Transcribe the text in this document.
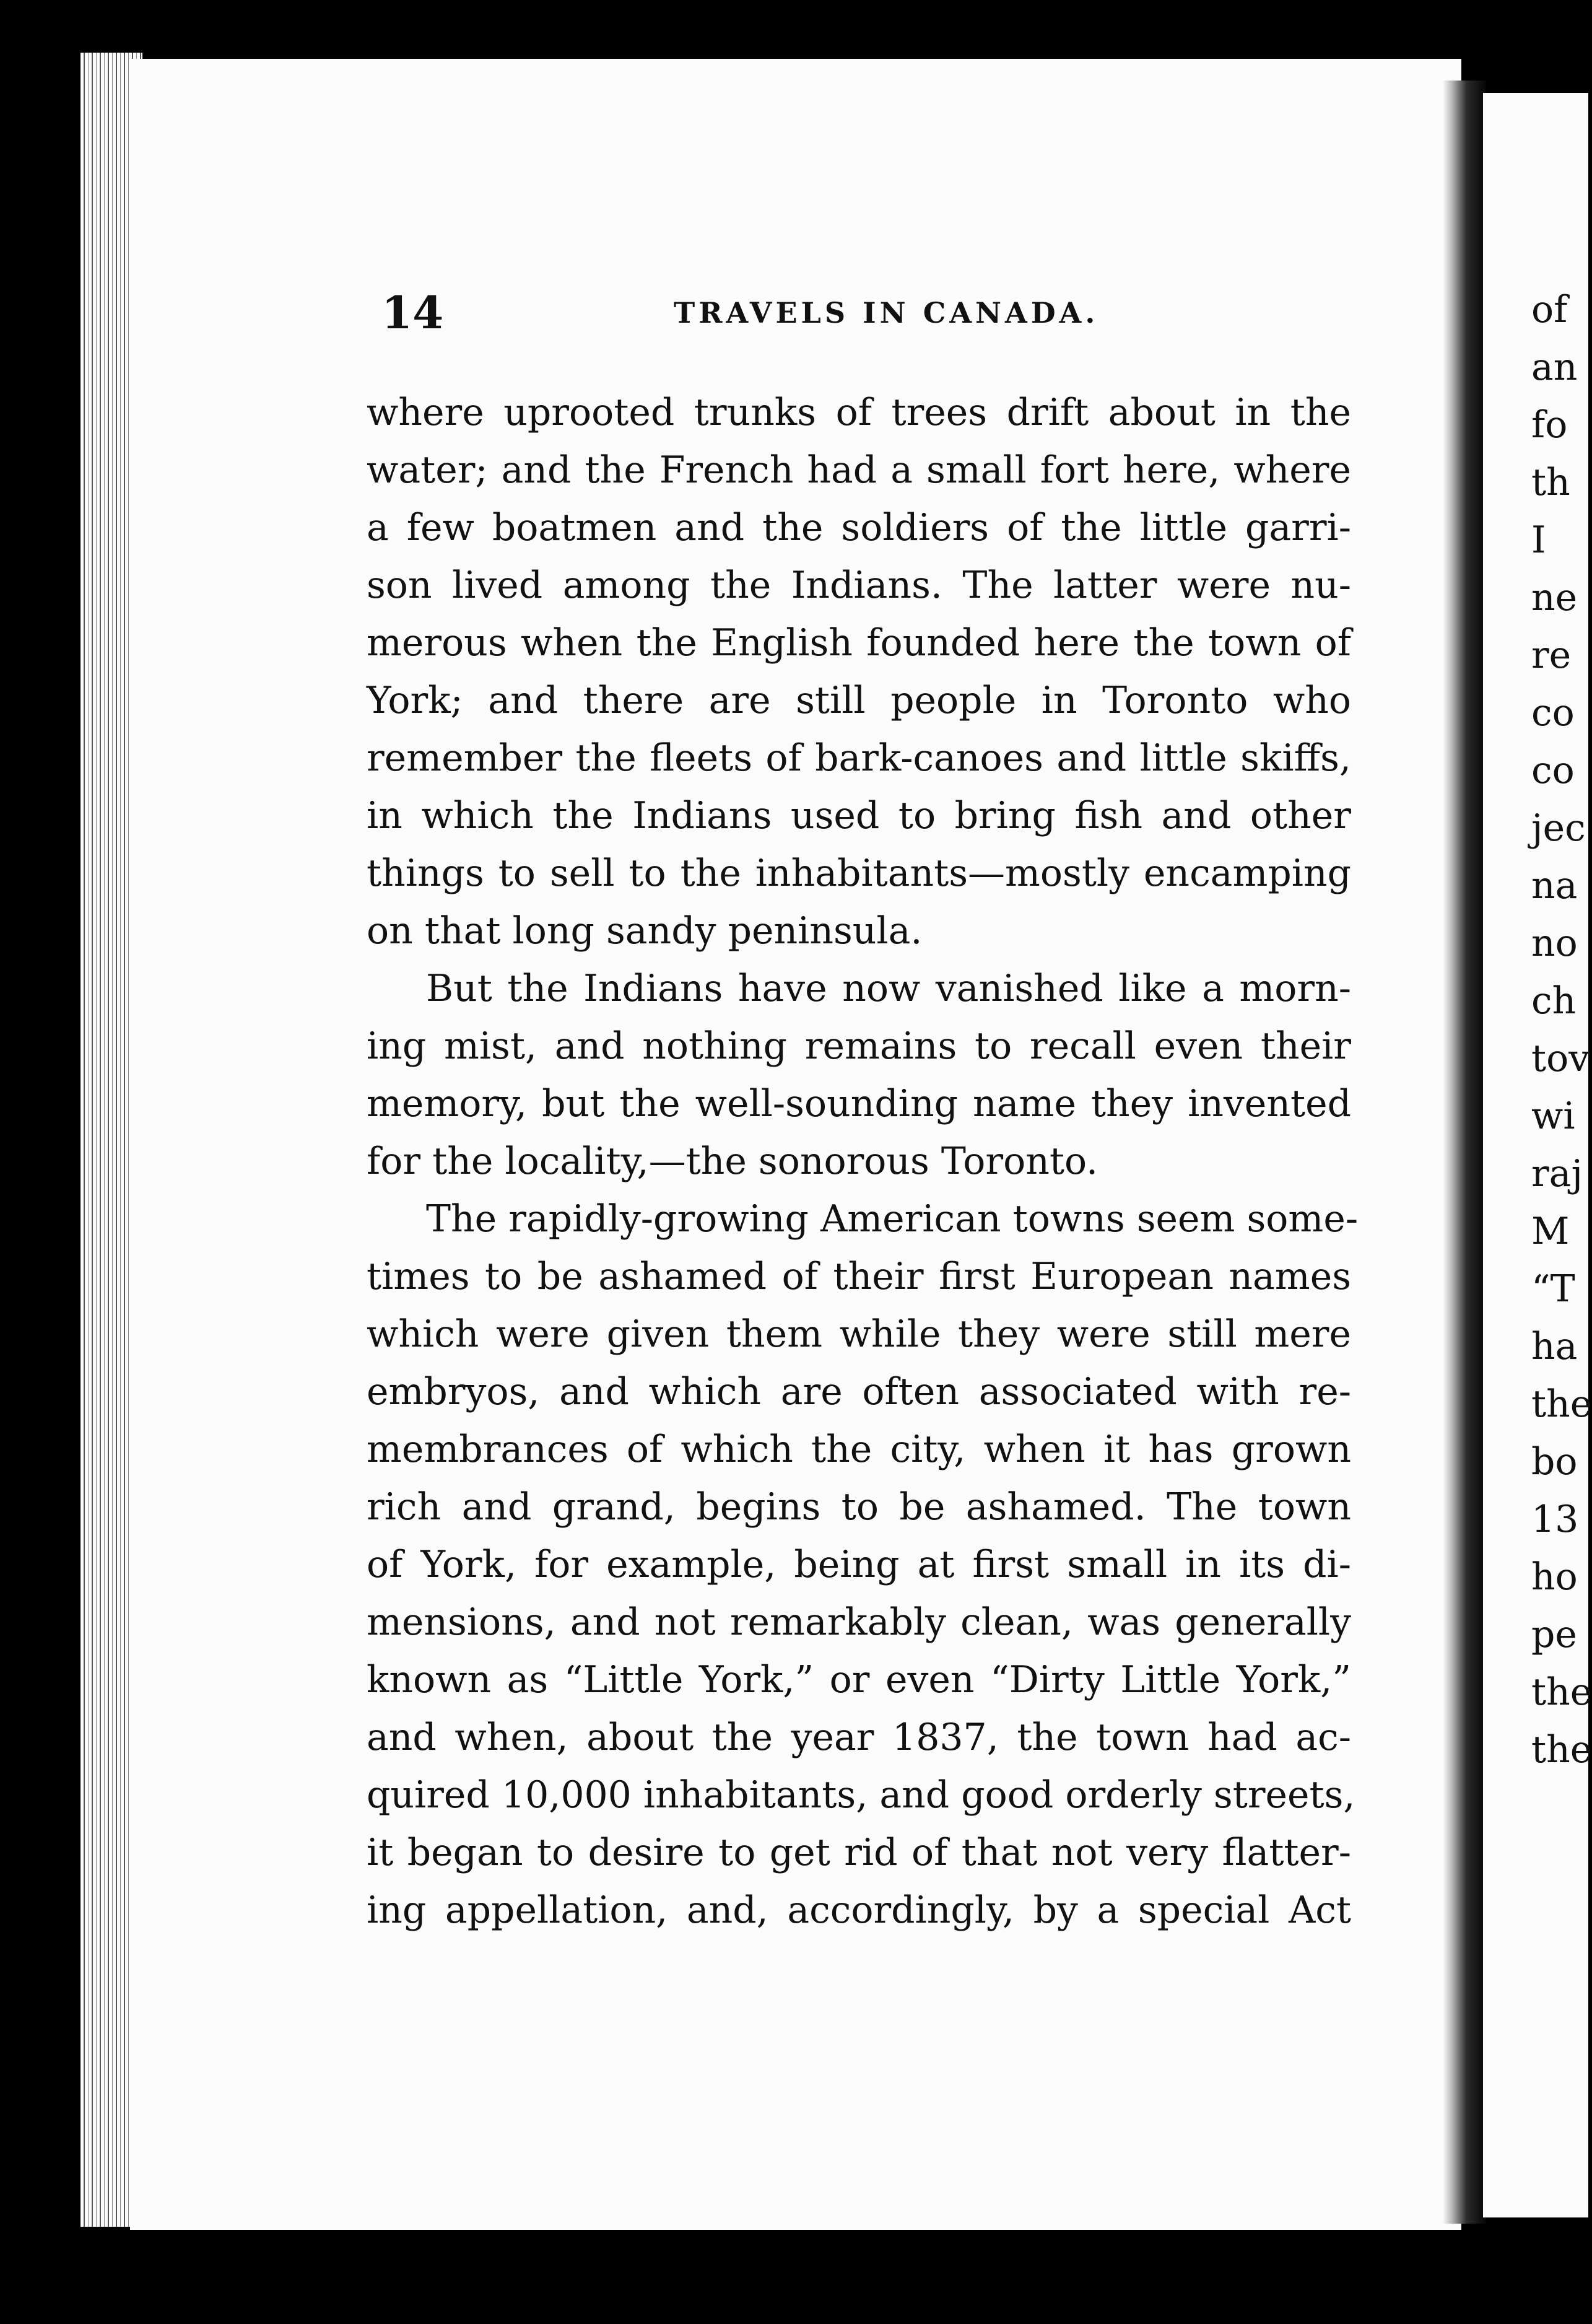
of
an
fo
th
I
ne
re
co
co
jec
na
no
ch
tov
wi
raj
M
“T
ha
the
bo
13
ho
pe
the
the
14	TRAVELS IN CANADA.
where uprooted trunks of trees drift about in the
water; and the French had a small fort here, where
a few boatmen and the soldiers of the little garri-
son lived among the Indians. The latter were nu-
merous when the English founded here the town of
York; and there are still people in Toronto who
remember the fleets of bark-canoes and little skiffs,
in which the Indians used to bring fish and other
things to sell to the inhabitants—mostly encamping
on that long sandy peninsula.
But the Indians have now vanished like a morn-
ing mist, and nothing remains to recall even their
memory, but the well-sounding name they invented
for the locality,—the sonorous Toronto.
The rapidly-growing American towns seem some-
times to be ashamed of their first European names
which were given them while they were still mere
embryos, and which are often associated with re-
membrances of which the city, when it has grown
rich and grand, begins to be ashamed. The town
of York, for example, being at first small in its di-
mensions, and not remarkably clean, was generally
known as “Little York,” or even “Dirty Little York,”
and when, about the year 1837, the town had ac-
quired 10,000 inhabitants, and good orderly streets,
it began to desire to get rid of that not very flatter-
ing appellation, and, accordingly, by a special Act
